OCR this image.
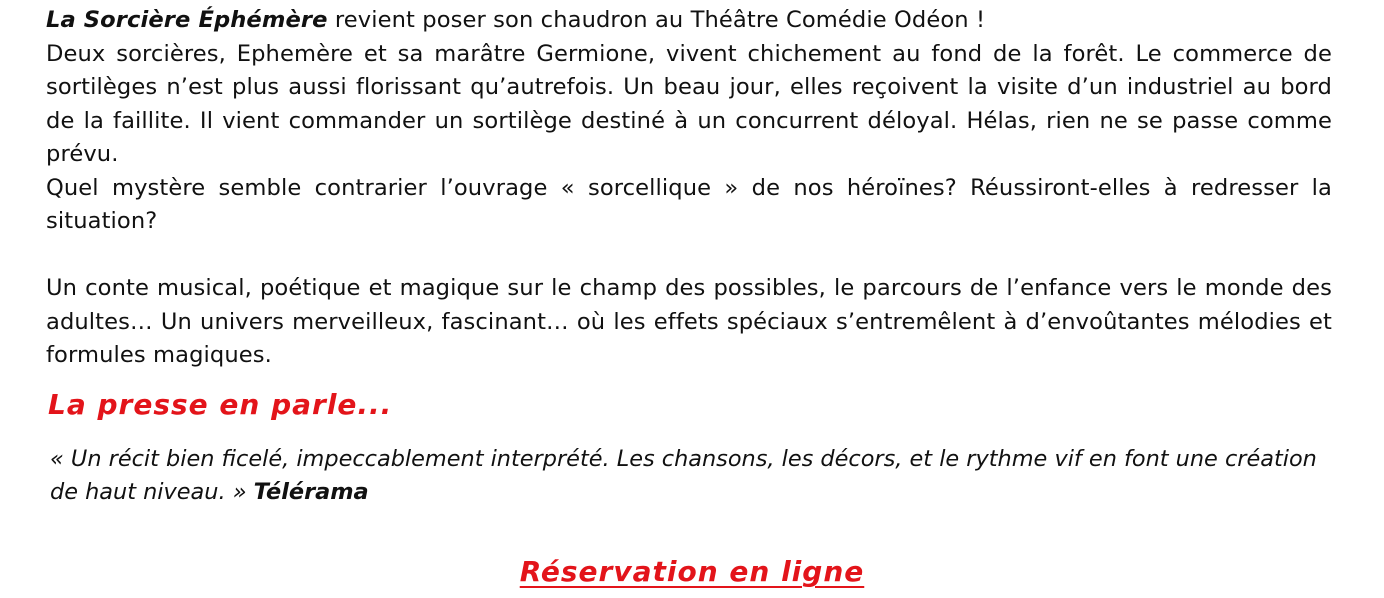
La Sorcière Éphémère revient poser son chaudron au Théâtre Comédie Odéon !

Deux sorcières, Ephemère et sa marâtre Germione, vivent chichement au fond de la forêt. Le commerce de sortilèges n’est plus aussi florissant qu’autrefois. Un beau jour, elles reçoivent la visite d’un industriel au bord de la faillite. Il vient commander un sortilège destiné à un concurrent déloyal. Hélas, rien ne se passe comme prévu.

Quel mystère semble contrarier l’ouvrage « sorcellique » de nos héroïnes? Réussiront-elles à redresser la situation?

Un conte musical, poétique et magique sur le champ des possibles, le parcours de l’enfance vers le monde des adultes… Un univers merveilleux, fascinant… où les effets spéciaux s’entremêlent à d’envoûtantes mélodies et formules magiques.

La presse en parle...

« Un récit bien ficelé, impeccablement interprété. Les chansons, les décors, et le rythme vif en font une création de haut niveau. » Télérama

Réservation en ligne
